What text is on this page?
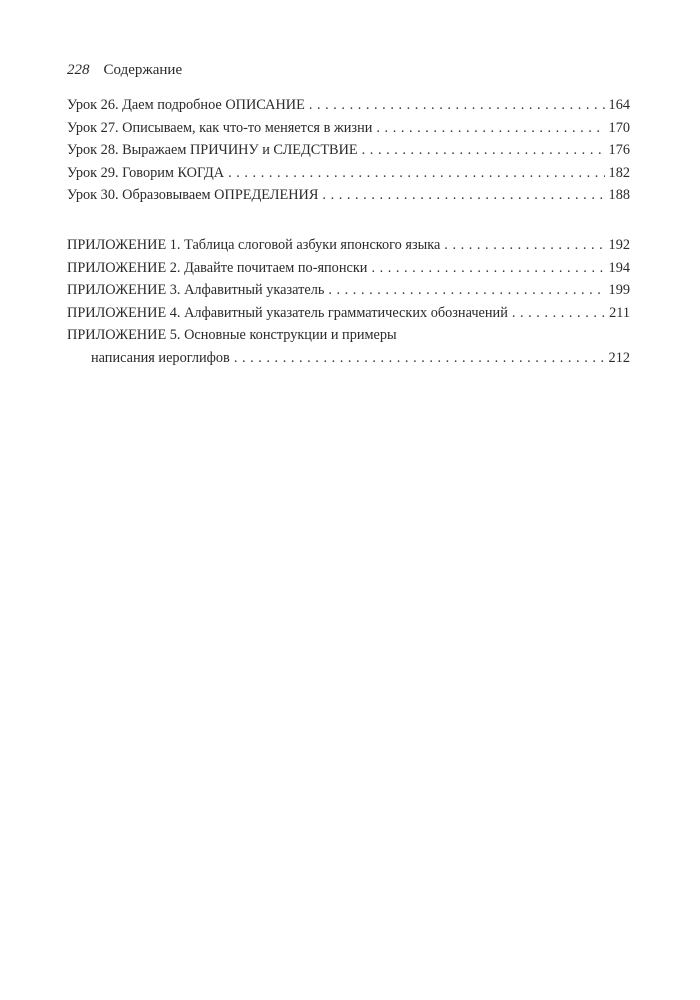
228 Содержание
Урок 26. Даем подробное ОПИСАНИЕ . . .	164
Урок 27. Описываем, как что-то меняется в жизни . . .	170
Урок 28. Выражаем ПРИЧИНУ и СЛЕДСТВИЕ . . .	176
Урок 29. Говорим КОГДА . . .	182
Урок 30. Образовываем ОПРЕДЕЛЕНИЯ . . .	188
ПРИЛОЖЕНИЕ 1. Таблица слоговой азбуки японского языка . . .	192
ПРИЛОЖЕНИЕ 2. Давайте почитаем по-японски . . .	194
ПРИЛОЖЕНИЕ 3. Алфавитный указатель . . .	199
ПРИЛОЖЕНИЕ 4. Алфавитный указатель грамматических обозначений . . .	211
ПРИЛОЖЕНИЕ 5. Основные конструкции и примеры
написания иероглифов . . .	212
